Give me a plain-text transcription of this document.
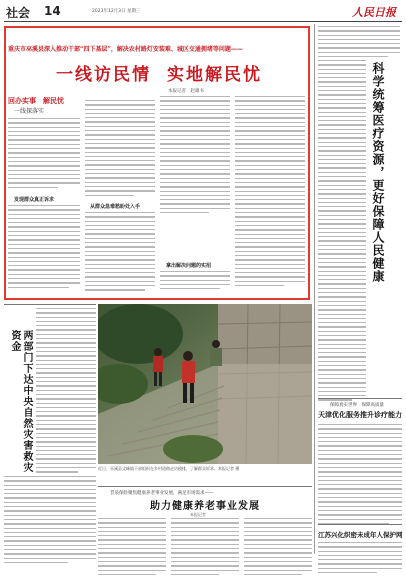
社会 14	2023年12月3日 星期三	人民日报
重庆市巫溪县深入推动干部“四下基层”，解决农村路灯安装难、城区交通拥堵等问题——
一线访民情 实地解民忧
本报记者　赵雄书
回办实事　解民忧
一线探落实
发现群众真正诉求
从群众急难愁盼处入手
拿出解决问题的实招	科学统筹医疗资源，更好保障人民健康
保障真实世界　保障高质量
天津优化服务推升诊疗能力
江苏兴化织密未成年人保护网
两部门下达中央自然灾害救灾资金
近日，巫溪县文峰镇干部组织在乡村道路走访摸排，了解群众诉求。本报记者 摄
昔泉保险聚焦健康养老事业发展，满足市场需求——
助力健康养老事业发展
本报记者
